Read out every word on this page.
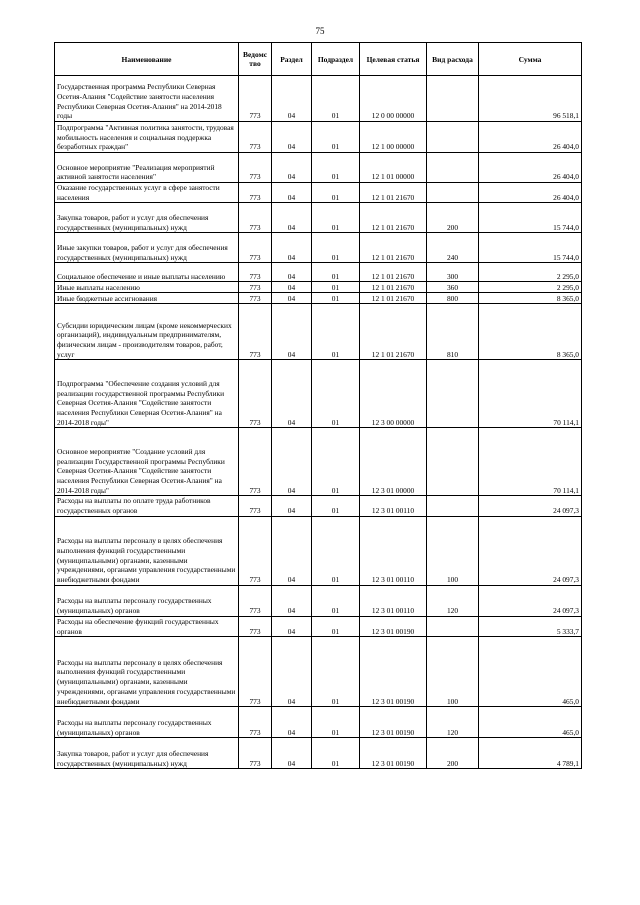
75
Наименование	Ведомс тво	Раздел	Подраздел	Целевая статья	Вид расхода	Сумма
Государственная программа Республики Северная Осетия-Алания "Содействие занятости населения Республики Северная Осетия-Алания" на 2014-2018 годы	773	04	01	12 0 00 00000		96 518,1
Подпрограмма "Активная политика занятости, трудовая мобильность населения и социальная поддержка безработных граждан"	773	04	01	12 1 00 00000		26 404,0
Основное мероприятие "Реализация мероприятий активной занятости населения"	773	04	01	12 1 01 00000		26 404,0
Оказание государственных услуг в сфере занятости населения	773	04	01	12 1 01 21670		26 404,0
Закупка товаров, работ и услуг для обеспечения государственных (муниципальных) нужд	773	04	01	12 1 01 21670	200	15 744,0
Иные закупки товаров, работ и услуг для обеспечения государственных (муниципальных) нужд	773	04	01	12 1 01 21670	240	15 744,0
Социальное обеспечение и иные выплаты населению	773	04	01	12 1 01 21670	300	2 295,0
Иные выплаты населению	773	04	01	12 1 01 21670	360	2 295,0
Иные бюджетные ассигнования	773	04	01	12 1 01 21670	800	8 365,0
Субсидии юридическим лицам (кроме некоммерческих организаций), индивидуальным предпринимателям, физическим лицам - производителям товаров, работ, услуг	773	04	01	12 1 01 21670	810	8 365,0
Подпрограмма "Обеспечение создания условий для реализации государственной программы Республики Северная Осетия-Алания "Содействие занятости населения Республики Северная Осетия-Алания" на 2014-2018 годы"	773	04	01	12 3 00 00000		70 114,1
Основное мероприятие "Создание условий для реализации Государственной программы Республики Северная Осетия-Алания "Содействие занятости населения Республики Северная Осетия-Алания" на 2014-2018 годы"	773	04	01	12 3 01 00000		70 114,1
Расходы на выплаты по оплате труда работников государственных органов	773	04	01	12 3 01 00110		24 097,3
Расходы на выплаты персоналу в целях обеспечения выполнения функций государственными (муниципальными) органами, казенными учреждениями, органами управления государственными внебюджетными фондами	773	04	01	12 3 01 00110	100	24 097,3
Расходы на выплаты персоналу государственных (муниципальных) органов	773	04	01	12 3 01 00110	120	24 097,3
Расходы на обеспечение функций государственных органов	773	04	01	12 3 01 00190		5 333,7
Расходы на выплаты персоналу в целях обеспечения выполнения функций государственными (муниципальными) органами, казенными учреждениями, органами управления государственными внебюджетными фондами	773	04	01	12 3 01 00190	100	465,0
Расходы на выплаты персоналу государственных (муниципальных) органов	773	04	01	12 3 01 00190	120	465,0
Закупка товаров, работ и услуг для обеспечения государственных (муниципальных) нужд	773	04	01	12 3 01 00190	200	4 789,1
